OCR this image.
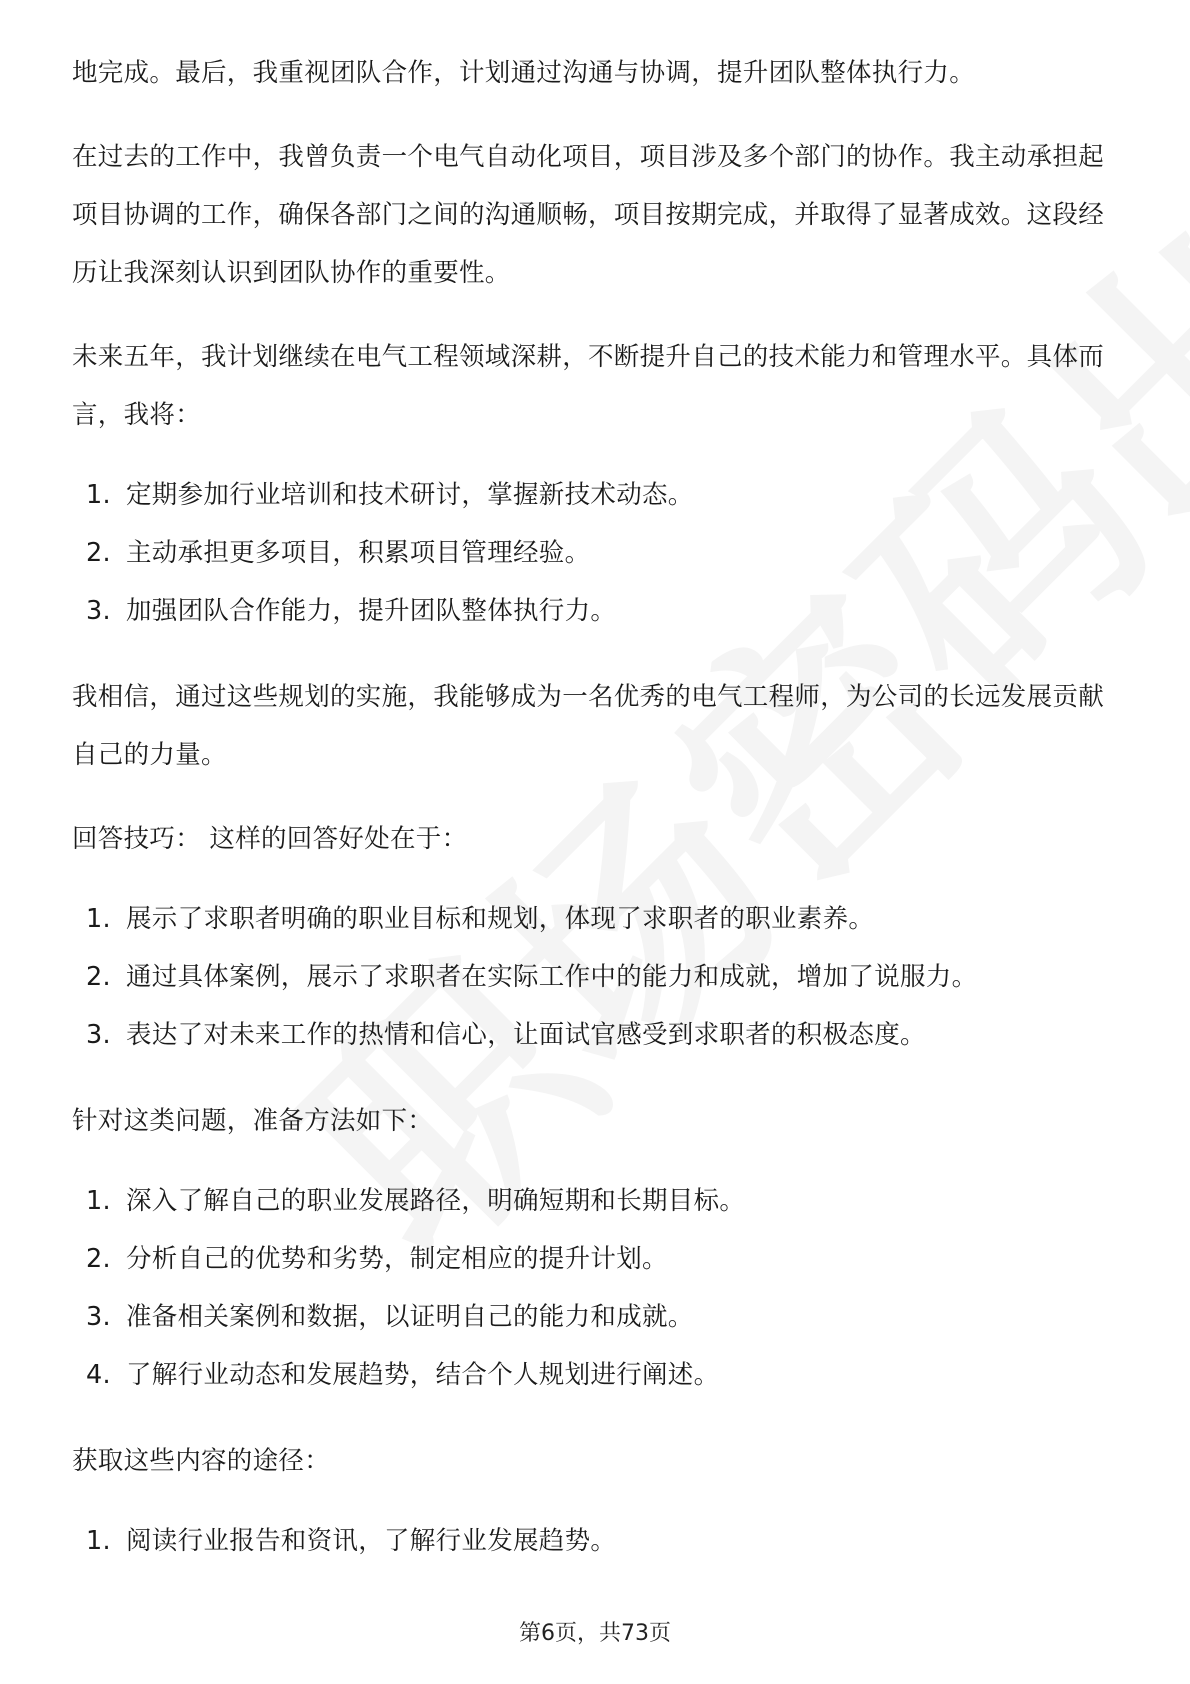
地完成。最后，我重视团队合作，计划通过沟通与协调，提升团队整体执行力。

在过去的工作中，我曾负责一个电气自动化项目，项目涉及多个部门的协作。我主动承担起项目协调的工作，确保各部门之间的沟通顺畅，项目按期完成，并取得了显著成效。这段经历让我深刻认识到团队协作的重要性。

未来五年，我计划继续在电气工程领域深耕，不断提升自己的技术能力和管理水平。具体而言，我将：

1. 定期参加行业培训和技术研讨，掌握新技术动态。
2. 主动承担更多项目，积累项目管理经验。
3. 加强团队合作能力，提升团队整体执行力。

我相信，通过这些规划的实施，我能够成为一名优秀的电气工程师，为公司的长远发展贡献自己的力量。

回答技巧： 这样的回答好处在于：

1. 展示了求职者明确的职业目标和规划，体现了求职者的职业素养。
2. 通过具体案例，展示了求职者在实际工作中的能力和成就，增加了说服力。
3. 表达了对未来工作的热情和信心，让面试官感受到求职者的积极态度。

针对这类问题，准备方法如下：

1. 深入了解自己的职业发展路径，明确短期和长期目标。
2. 分析自己的优势和劣势，制定相应的提升计划。
3. 准备相关案例和数据，以证明自己的能力和成就。
4. 了解行业动态和发展趋势，结合个人规划进行阐述。

获取这些内容的途径：

1. 阅读行业报告和资讯，了解行业发展趋势。
第6页，共73页
